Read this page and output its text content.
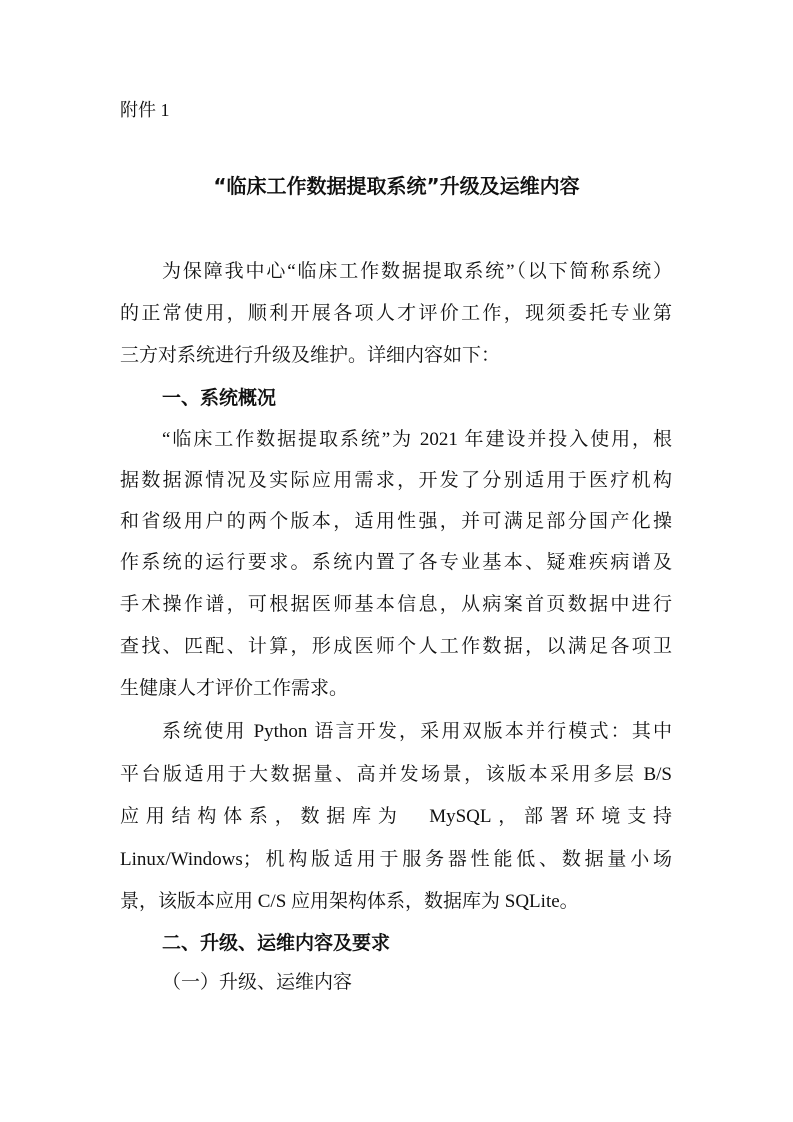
附件 1
“临床工作数据提取系统”升级及运维内容
为保障我中心“临床工作数据提取系统”（以下简称系统）
的正常使用，顺利开展各项人才评价工作，现须委托专业第
三方对系统进行升级及维护。详细内容如下：
一、系统概况
“临床工作数据提取系统”为 2021 年建设并投入使用，根
据数据源情况及实际应用需求，开发了分别适用于医疗机构
和省级用户的两个版本，适用性强，并可满足部分国产化操
作系统的运行要求。系统内置了各专业基本、疑难疾病谱及
手术操作谱，可根据医师基本信息，从病案首页数据中进行
查找、匹配、计算，形成医师个人工作数据，以满足各项卫
生健康人才评价工作需求。
系统使用 Python 语言开发，采用双版本并行模式：其中
平台版适用于大数据量、高并发场景，该版本采用多层 B/S
应用结构体系，数据库为 MySQL，部署环境支持
Linux/Windows；机构版适用于服务器性能低、数据量小场
景，该版本应用 C/S 应用架构体系，数据库为 SQLite。
二、升级、运维内容及要求
（一）升级、运维内容
